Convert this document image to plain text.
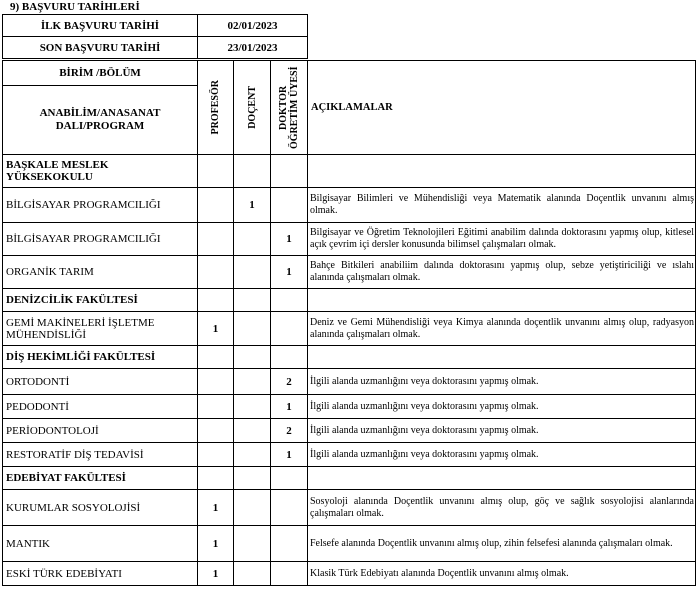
9) BAŞVURU TARİHLERİ
İLK BAŞVURU TARİHİ	02/01/2023
SON BAŞVURU TARİHİ	23/01/2023
BİRİM /BÖLÜM	PROFESÖR	DOÇENT	DOKTOR ÖĞRETİM ÜYESİ	AÇIKLAMALAR
ANABİLİM/ANASANAT DALI/PROGRAM				
BAŞKALE MESLEK YÜKSEKOKULU				
BİLGİSAYAR PROGRAMCILIĞI		1		Bilgisayar Bilimleri ve Mühendisliği veya Matematik alanında Doçentlik unvanını almış olmak.
BİLGİSAYAR PROGRAMCILIĞI			1	Bilgisayar ve Öğretim Teknolojileri Eğitimi anabilim dalında doktorasını yapmış olup, kitlesel açık çevrim içi dersler konusunda bilimsel çalışmaları olmak.
ORGANİK TARIM			1	Bahçe Bitkileri anabiliim dalında doktorasını yapmış olup, sebze yetiştiriciliği ve ıslahı alanında çalışmaları olmak.
DENİZCİLİK FAKÜLTESİ				
GEMİ MAKİNELERİ İŞLETME MÜHENDİSLİĞİ	1			Deniz ve Gemi Mühendisliği veya Kimya alanında doçentlik unvanını almış olup, radyasyon alanında çalışmaları olmak.
DİŞ HEKİMLİĞİ FAKÜLTESİ				
ORTODONTİ			2	İlgili alanda uzmanlığını veya doktorasını yapmış olmak.
PEDODONTİ			1	İlgili alanda uzmanlığını veya doktorasını yapmış olmak.
PERİODONTOLOJİ			2	İlgili alanda uzmanlığını veya doktorasını yapmış olmak.
RESTORATİF DİŞ TEDAVİSİ			1	İlgili alanda uzmanlığını veya doktorasını yapmış olmak.
EDEBİYAT FAKÜLTESİ				
KURUMLAR SOSYOLOJİSİ	1			Sosyoloji alanında Doçentlik unvanını almış olup, göç ve sağlık sosyolojisi alanlarında çalışmaları olmak.
MANTIK	1			Felsefe alanında Doçentlik unvanını almış olup, zihin felsefesi alanında çalışmaları olmak.
ESKİ TÜRK EDEBİYATI	1			Klasik Türk Edebiyatı alanında Doçentlik unvanını almış olmak.
